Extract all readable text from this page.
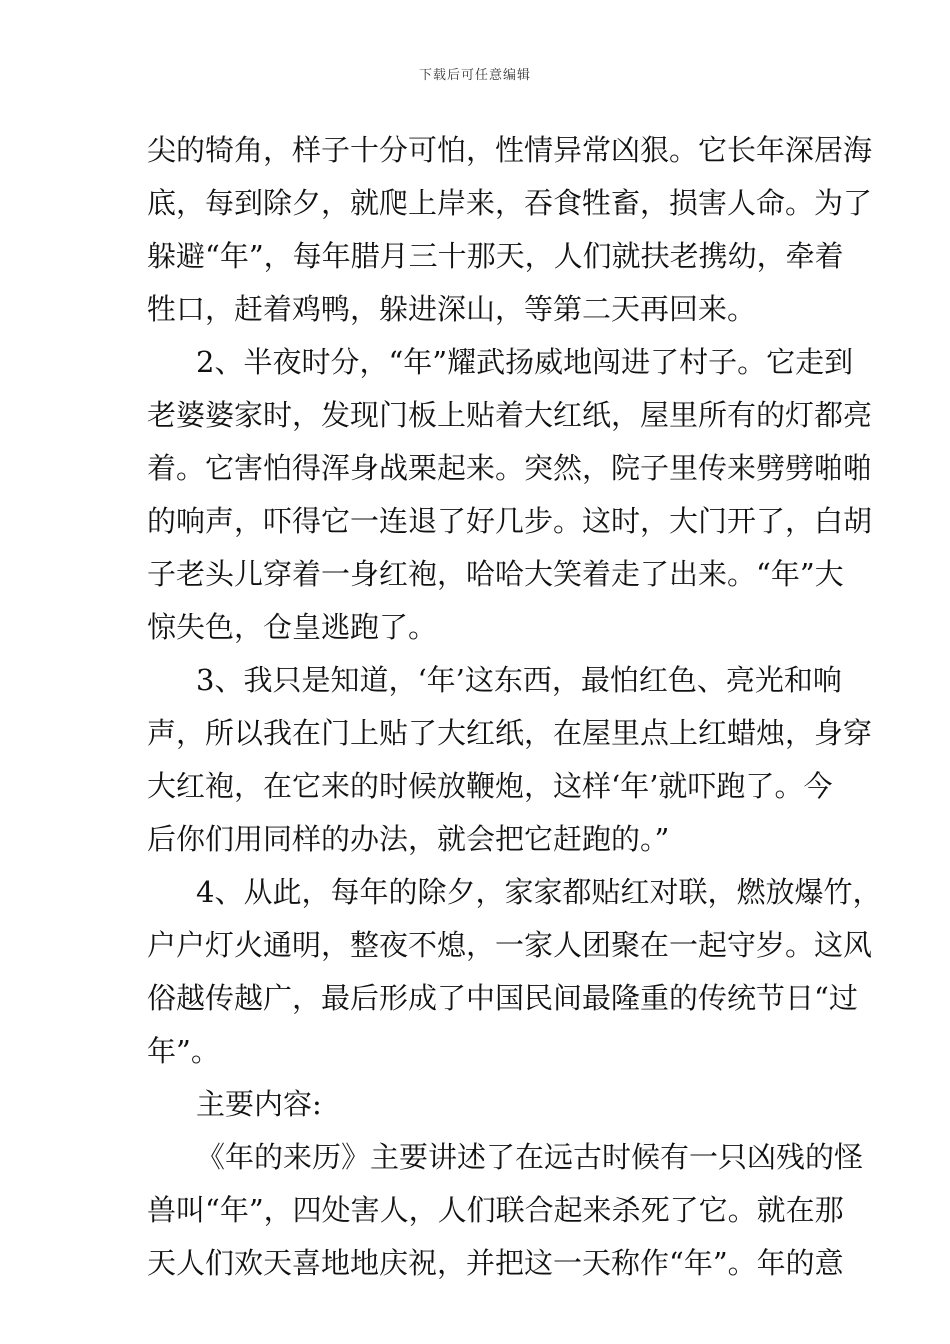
下载后可任意编辑
尖的犄角，样子十分可怕，性情异常凶狠。它长年深居海
底，每到除夕，就爬上岸来，吞食牲畜，损害人命。为了
躲避“年”，每年腊月三十那天，人们就扶老携幼，牵着
牲口，赶着鸡鸭，躲进深山，等第二天再回来。
2、半夜时分，“年”耀武扬威地闯进了村子。它走到
老婆婆家时，发现门板上贴着大红纸，屋里所有的灯都亮
着。它害怕得浑身战栗起来。突然，院子里传来劈劈啪啪
的响声，吓得它一连退了好几步。这时，大门开了，白胡
子老头儿穿着一身红袍，哈哈大笑着走了出来。“年”大
惊失色，仓皇逃跑了。
3、我只是知道，‘年’这东西，最怕红色、亮光和响
声，所以我在门上贴了大红纸，在屋里点上红蜡烛，身穿
大红袍，在它来的时候放鞭炮，这样‘年’就吓跑了。今
后你们用同样的办法，就会把它赶跑的。”
4、从此，每年的除夕，家家都贴红对联，燃放爆竹，
户户灯火通明，整夜不熄，一家人团聚在一起守岁。这风
俗越传越广，最后形成了中国民间最隆重的传统节日“过
年”。
主要内容:
《年的来历》主要讲述了在远古时候有一只凶残的怪
兽叫“年”，四处害人，人们联合起来杀死了它。就在那
天人们欢天喜地地庆祝，并把这一天称作“年”。年的意
